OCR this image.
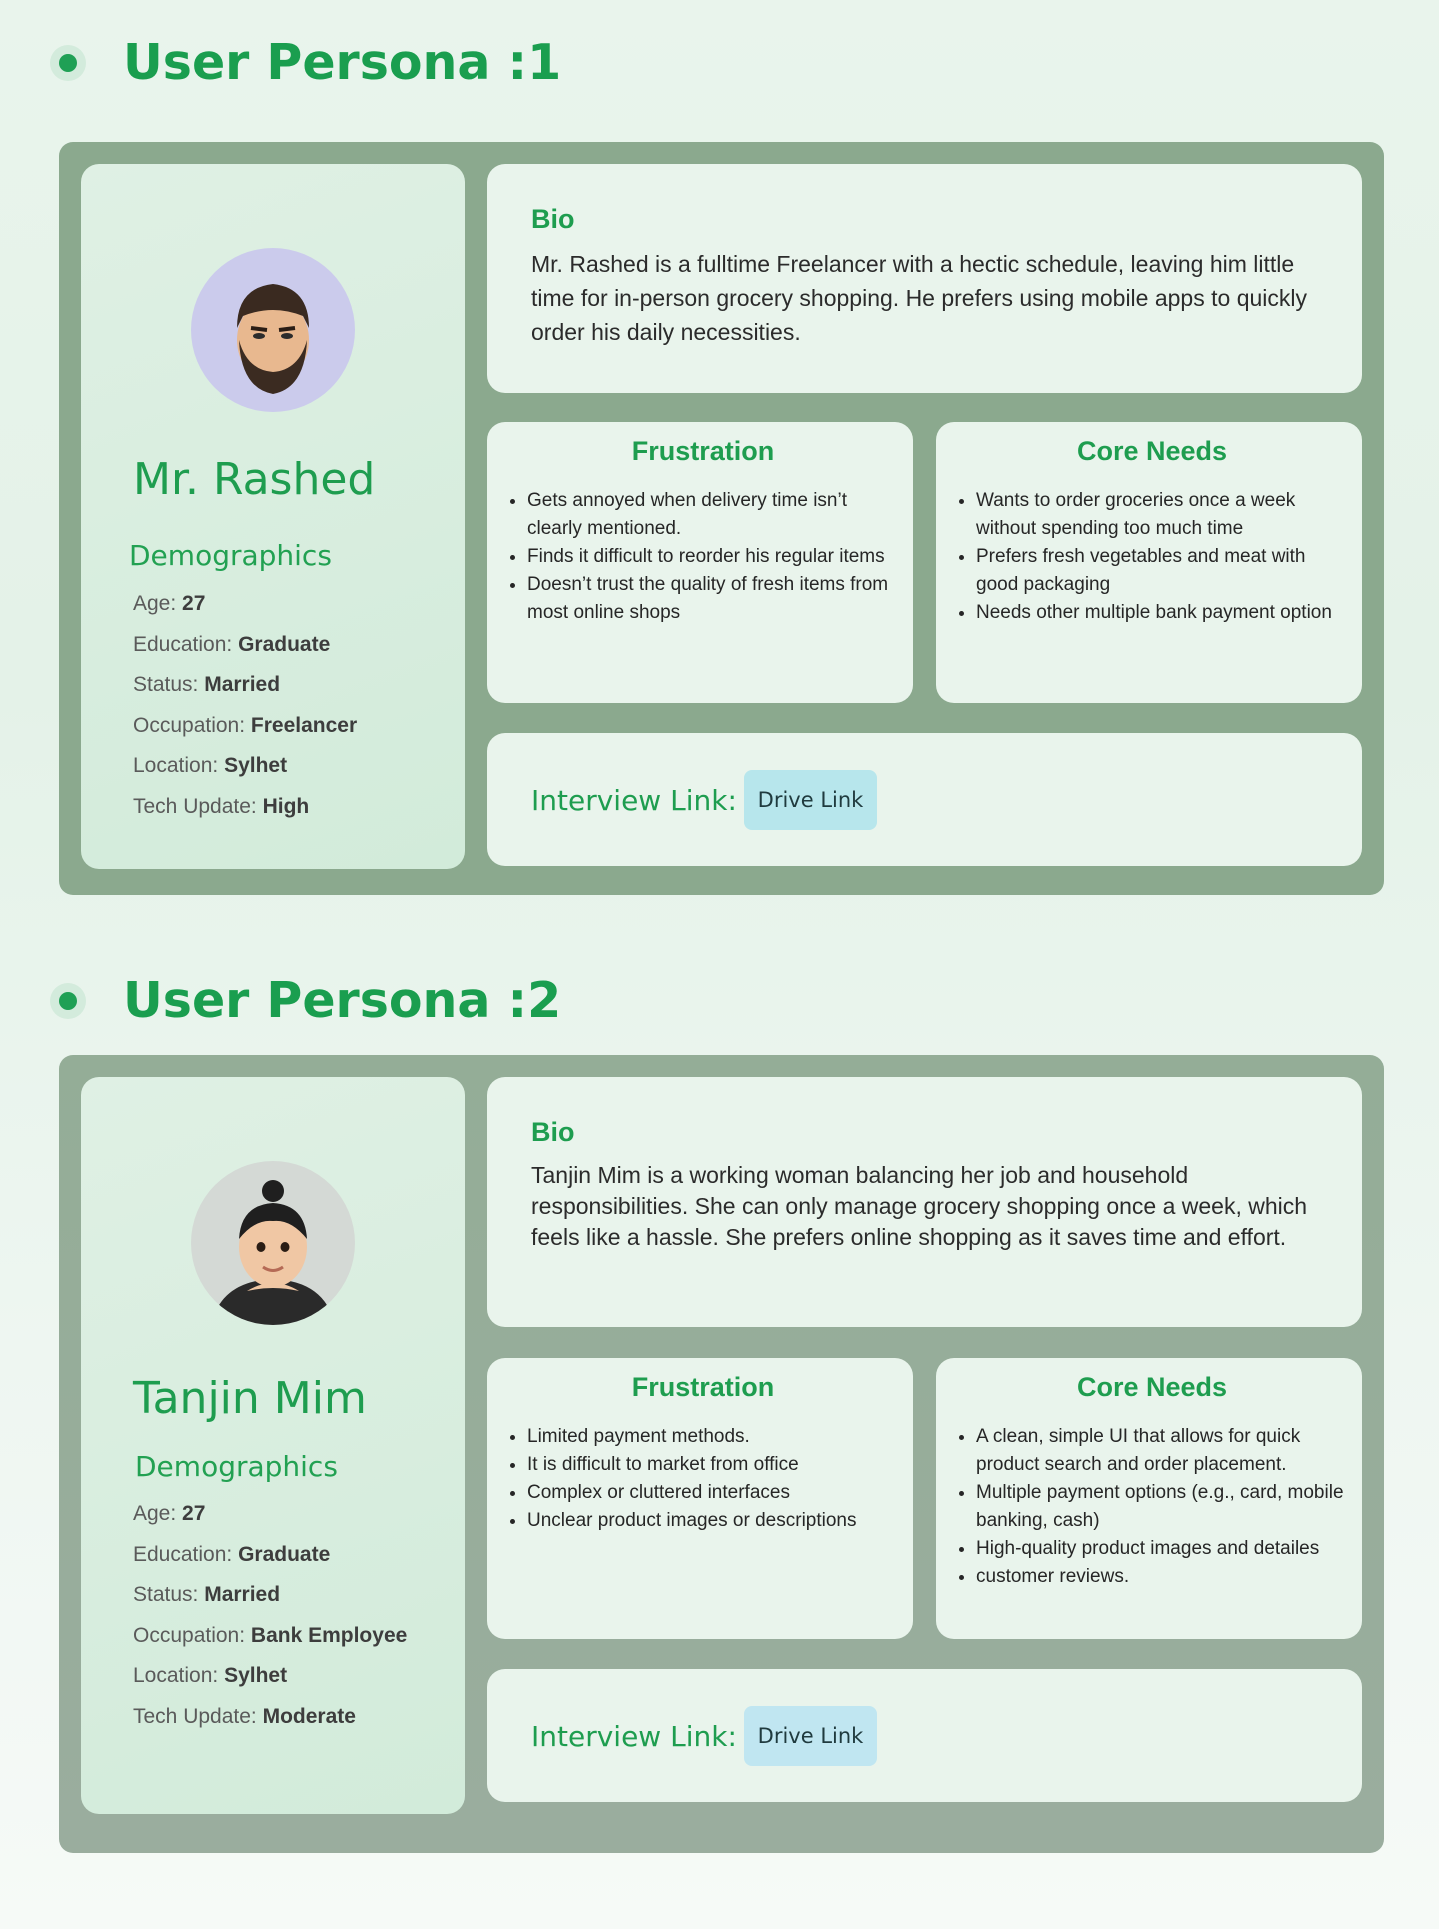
User Persona :1
Mr. Rashed
Demographics
Age: 27
Education: Graduate
Status: Married
Occupation: Freelancer
Location: Sylhet
Tech Update: High
Bio

Mr. Rashed is a fulltime Freelancer with a hectic schedule, leaving him little time for in-person grocery shopping. He prefers using mobile apps to quickly order his daily necessities.

Frustration
• Gets annoyed when delivery time isn’t clearly mentioned.
• Finds it difficult to reorder his regular items
• Doesn’t trust the quality of fresh items from most online shops
Core Needs
• Wants to order groceries once a week without spending too much time
• Prefers fresh vegetables and meat with good packaging
• Needs other multiple bank payment option
Interview Link: Drive Link
User Persona :2
Tanjin Mim
Demographics
Age: 27
Education: Graduate
Status: Married
Occupation: Bank Employee
Location: Sylhet
Tech Update: Moderate
Bio

Tanjin Mim is a working woman balancing her job and household responsibilities. She can only manage grocery shopping once a week, which feels like a hassle. She prefers online shopping as it saves time and effort.

Frustration
• Limited payment methods.
• It is difficult to market from office
• Complex or cluttered interfaces
• Unclear product images or descriptions
Core Needs
• A clean, simple UI that allows for quick product search and order placement.
• Multiple payment options (e.g., card, mobile banking, cash)
• High-quality product images and detailes
• customer reviews.
Interview Link: Drive Link
